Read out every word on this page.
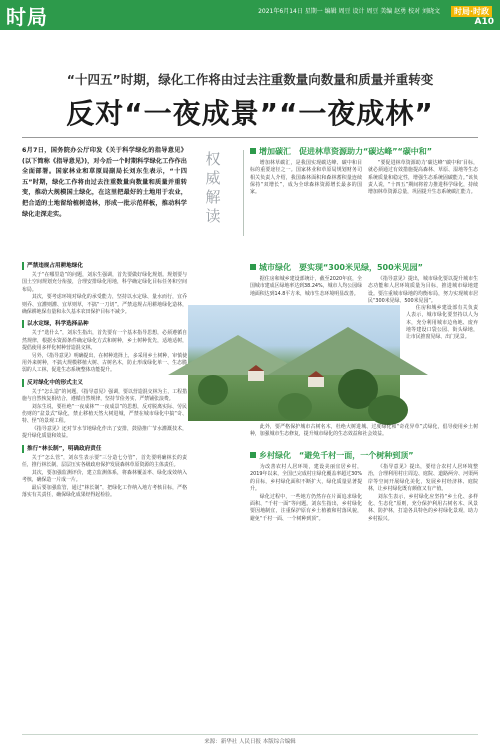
时局	2021年6月14日 星期一 编辑 周豆 设计 周豆 美编 赵勇 校对 刘晓文	时局·时政
A10
“十四五”时期，绿化工作将由过去注重数量向数量和质量并重转变
反对“一夜成景”“一夜成林”
6月7日，国务院办公厅印发《关于科学绿化的指导意见》(以下简称《指导意见》)，对今后一个时期科学绿化工作作出全面部署。国家林业和草原局副局长刘东生表示，“十四五”时期，绿化工作将由过去注重数量向数量和质量并重转变，推动大规模国土绿化，在这里把最好的土地用于农业，把合适的土地留给植树造林，形成一批示范样板，推动科学绿化走深走实。
权
威
解
读
严禁违规占用耕地绿化

关于“在哪里造”的问题，刘东生强调，首先要做好绿化规划。规划要与国土空间规划充分衔接，合理安排绿化用地，科学确定绿化目标任务和空间布局。

其次，要考虑环境对绿化的承受能力，坚持以水定绿、量水而行，宜乔则乔、宜灌则灌、宜草则草，不搞“一刀切”。严禁违规占用耕地绿化造林，确保耕地保有量和永久基本农田保护目标不减少。

以水定绿，科学选择品种

关于“选什么”，刘东生指出，首先要有一个基本指导思想，必须遵循自然规律，根据水资源条件确定绿化方式和树种，乡土树种优先，适地适树，提倡使用多样化树种营造混交林。

另外，《指导意见》明确提出，在树种选择上，多采用乡土树种，审慎使用外来树种，不搞大规模移植大树、古树名木，防止形成绿化单一、生态脆弱的人工林，促进生态系统整体功能提升。

反对绿化中的形式主义

关于“怎么造”的问题，《指导意见》强调，要以营造混交林为主，工程措施与自然恢复相结合，遵循自然规律，坚持节俭务实，严禁铺张浪费。

刘东生说，要杜绝“一夜成林”“一夜成景”的思想，反对脱离实际、劳民伤财的“盆景式”绿化，禁止移植天然大树进城，严禁在城市绿化中搞“奇、特、怪”的景观工程。

《指导意见》还对节水节地绿化作出了安排，鼓励推广节水灌溉技术，提升绿化质量和效益。

推行“林长制”，明确政府责任

关于“怎么管”，刘东生表示要“三分造七分管”，首先要明确林长的责任，推行林长制，层层压实各级政府保护发展森林草原资源的主体责任。

其次，要加强监测评价，建立监测体系，将森林覆盖率、绿化成效纳入考核，确保造一片成一片。

最后要加强监管，通过“林长制”，把绿化工作纳入地方考核目标，严格落实有关责任，确保绿化成果经得起检验。

增加碳汇　促进林草资源助力“碳达峰”“碳中和”

增加林草碳汇，是我国实现碳达峰、碳中和目标的重要途径之一。国家林业和草原局规划财务司相关负责人介绍，我国森林面积和森林蓄积量连续保持“双增长”，成为全球森林资源增长最多的国家。

“要促进林草资源助力‘碳达峰’‘碳中和’目标，就必须通过有效措施提高森林、草原、湿地等生态系统质量和稳定性，增强生态系统固碳能力。”该负责人说，“十四五”期间将着力推进科学绿化，持续增加林草资源总量，巩固提升生态系统碳汇能力。

城市绿化　要实现“300米见绿，500米见园”

据住房和城乡建设部统计，截至2020年底，全国城市建成区绿地率达到38.24%，城市人均公园绿地面积达到14.8平方米，城市生态环境明显改善。

《指导意见》提出，城市绿化要以提升城市生态功能和人居环境质量为目标，推进城市绿地建设。要注重城市绿地的均衡布局，努力实现城市居民“300米见绿、500米见园”。

住房和城乡建设部有关负责人表示，城市绿化要坚持以人为本，充分利用城市边角地、废弃地等建设口袋公园、街头绿地，让市民推窗见绿、出门见景。

此外，要严格保护城市古树名木，杜绝大树进城、过度绿化和“奇花异草”式绿化，倡导使用乡土树种，加强城市生态修复，提升城市绿化的生态效益和社会效益。

乡村绿化　“避免千村一面，一个树种到顶”

为改善农村人居环境，建设美丽宜居乡村，2019年以来，全国已完成村庄绿化覆盖率超过30%的目标，乡村绿化面积不断扩大，绿化质量显著提升。

绿化过程中，一些地方仍然存在片面追求绿化面积、“千村一面”等问题。刘东生指出，乡村绿化要因地制宜，注重保护原有乡土植被和村落风貌，避免“千村一面、一个树种到顶”。

《指导意见》提出，要结合农村人居环境整治，合理利用村庄周边、庭院、道路两旁、河渠两岸等空间开展绿化美化，发展乡村经济林、庭院林，让乡村绿化既有颜值又有产值。

刘东生表示，乡村绿化应坚持“乡土化、多样化、生态化”原则，充分保护利用古树名木、风景林、防护林，打造各具特色的乡村绿化景观，助力乡村振兴。

来源：新华社 人民日报 本版综合编辑
